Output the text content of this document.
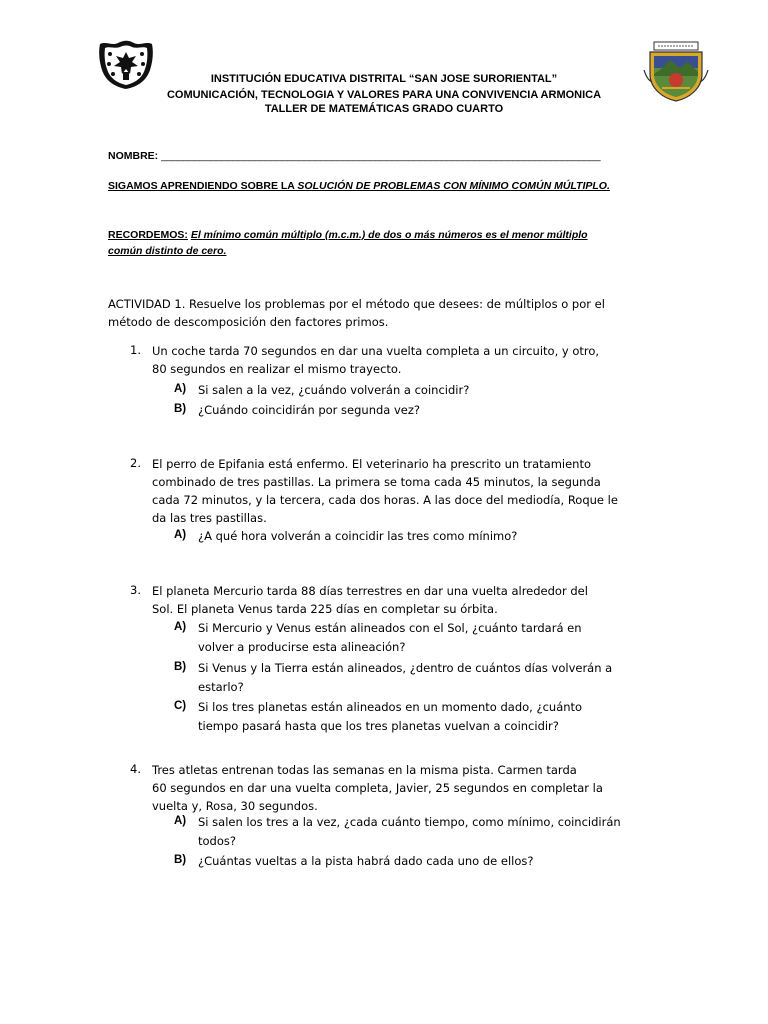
INSTITUCIÓN EDUCATIVA DISTRITAL “SAN JOSE SURORIENTAL”
COMUNICACIÓN, TECNOLOGIA Y VALORES PARA UNA CONVIVENCIA ARMONICA
TALLER DE MATEMÁTICAS GRADO CUARTO
NOMBRE: ________________________________________________________________________________
SIGAMOS APRENDIENDO SOBRE LA SOLUCIÓN DE PROBLEMAS CON MÍNIMO COMÚN MÚLTIPLO.
RECORDEMOS: El mínimo común múltiplo (m.c.m.) de dos o más números es el menor múltiplo
común distinto de cero.
ACTIVIDAD 1. Resuelve los problemas por el método que desees: de múltiplos o por el
método de descomposición den factores primos.
1. Un coche tarda 70 segundos en dar una vuelta completa a un circuito, y otro,
80 segundos en realizar el mismo trayecto.
A) Si salen a la vez, ¿cuándo volverán a coincidir?
B) ¿Cuándo coincidirán por segunda vez?
2. El perro de Epifania está enfermo. El veterinario ha prescrito un tratamiento
combinado de tres pastillas. La primera se toma cada 45 minutos, la segunda
cada 72 minutos, y la tercera, cada dos horas. A las doce del mediodía, Roque le
da las tres pastillas.
A) ¿A qué hora volverán a coincidir las tres como mínimo?
3. El planeta Mercurio tarda 88 días terrestres en dar una vuelta alrededor del
Sol. El planeta Venus tarda 225 días en completar su órbita.
A) Si Mercurio y Venus están alineados con el Sol, ¿cuánto tardará en
volver a producirse esta alineación?
B) Si Venus y la Tierra están alineados, ¿dentro de cuántos días volverán a
estarlo?
C) Si los tres planetas están alineados en un momento dado, ¿cuánto
tiempo pasará hasta que los tres planetas vuelvan a coincidir?
4. Tres atletas entrenan todas las semanas en la misma pista. Carmen tarda
60 segundos en dar una vuelta completa, Javier, 25 segundos en completar la
vuelta y, Rosa, 30 segundos.
A) Si salen los tres a la vez, ¿cada cuánto tiempo, como mínimo, coincidirán
todos?
B) ¿Cuántas vueltas a la pista habrá dado cada uno de ellos?
